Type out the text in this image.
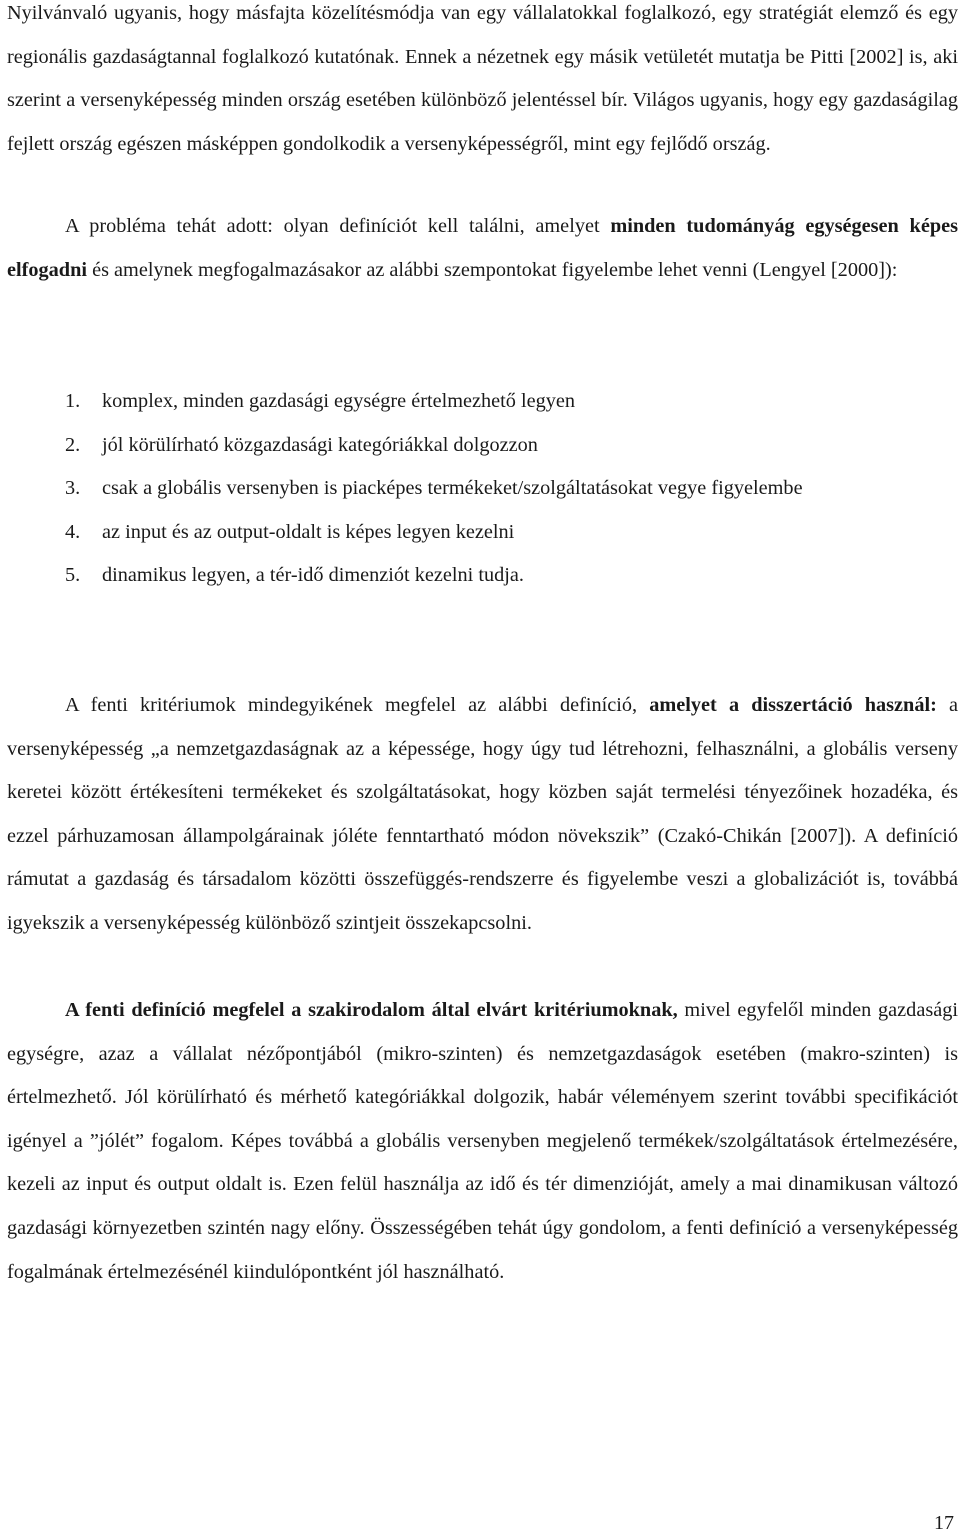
Nyilvánvaló ugyanis, hogy másfajta közelítésmódja van egy vállalatokkal foglalkozó, egy stratégiát elemző és egy regionális gazdaságtannal foglalkozó kutatónak. Ennek a nézetnek egy másik vetületét mutatja be Pitti [2002] is, aki szerint a versenyképesség minden ország esetében különböző jelentéssel bír. Világos ugyanis, hogy egy gazdaságilag fejlett ország egészen másképpen gondolkodik a versenyképességről, mint egy fejlődő ország.

A probléma tehát adott: olyan definíciót kell találni, amelyet minden tudományág egységesen képes elfogadni és amelynek megfogalmazásakor az alábbi szempontokat figyelembe lehet venni (Lengyel [2000]):

1.	komplex, minden gazdasági egységre értelmezhető legyen
2.	jól körülírható közgazdasági kategóriákkal dolgozzon
3.	csak a globális versenyben is piacképes termékeket/szolgáltatásokat vegye figyelembe
4.	az input és az output-oldalt is képes legyen kezelni
5.	dinamikus legyen, a tér-idő dimenziót kezelni tudja.

A fenti kritériumok mindegyikének megfelel az alábbi definíció, amelyet a disszertáció használ: a versenyképesség „a nemzetgazdaságnak az a képessége, hogy úgy tud létrehozni, felhasználni, a globális verseny keretei között értékesíteni termékeket és szolgáltatásokat, hogy közben saját termelési tényezőinek hozadéka, és ezzel párhuzamosan állampolgárainak jóléte fenntartható módon növekszik” (Czakó-Chikán [2007]). A definíció rámutat a gazdaság és társadalom közötti összefüggés-rendszerre és figyelembe veszi a globalizációt is, továbbá igyekszik a versenyképesség különböző szintjeit összekapcsolni.

A fenti definíció megfelel a szakirodalom által elvárt kritériumoknak, mivel egyfelől minden gazdasági egységre, azaz a vállalat nézőpontjából (mikro-szinten) és nemzetgazdaságok esetében (makro-szinten) is értelmezhető. Jól körülírható és mérhető kategóriákkal dolgozik, habár véleményem szerint további specifikációt igényel a ”jólét” fogalom. Képes továbbá a globális versenyben megjelenő termékek/szolgáltatások értelmezésére, kezeli az input és output oldalt is. Ezen felül használja az idő és tér dimenzióját, amely a mai dinamikusan változó gazdasági környezetben szintén nagy előny. Összességében tehát úgy gondolom, a fenti definíció a versenyképesség fogalmának értelmezésénél kiindulópontként jól használható.

17
